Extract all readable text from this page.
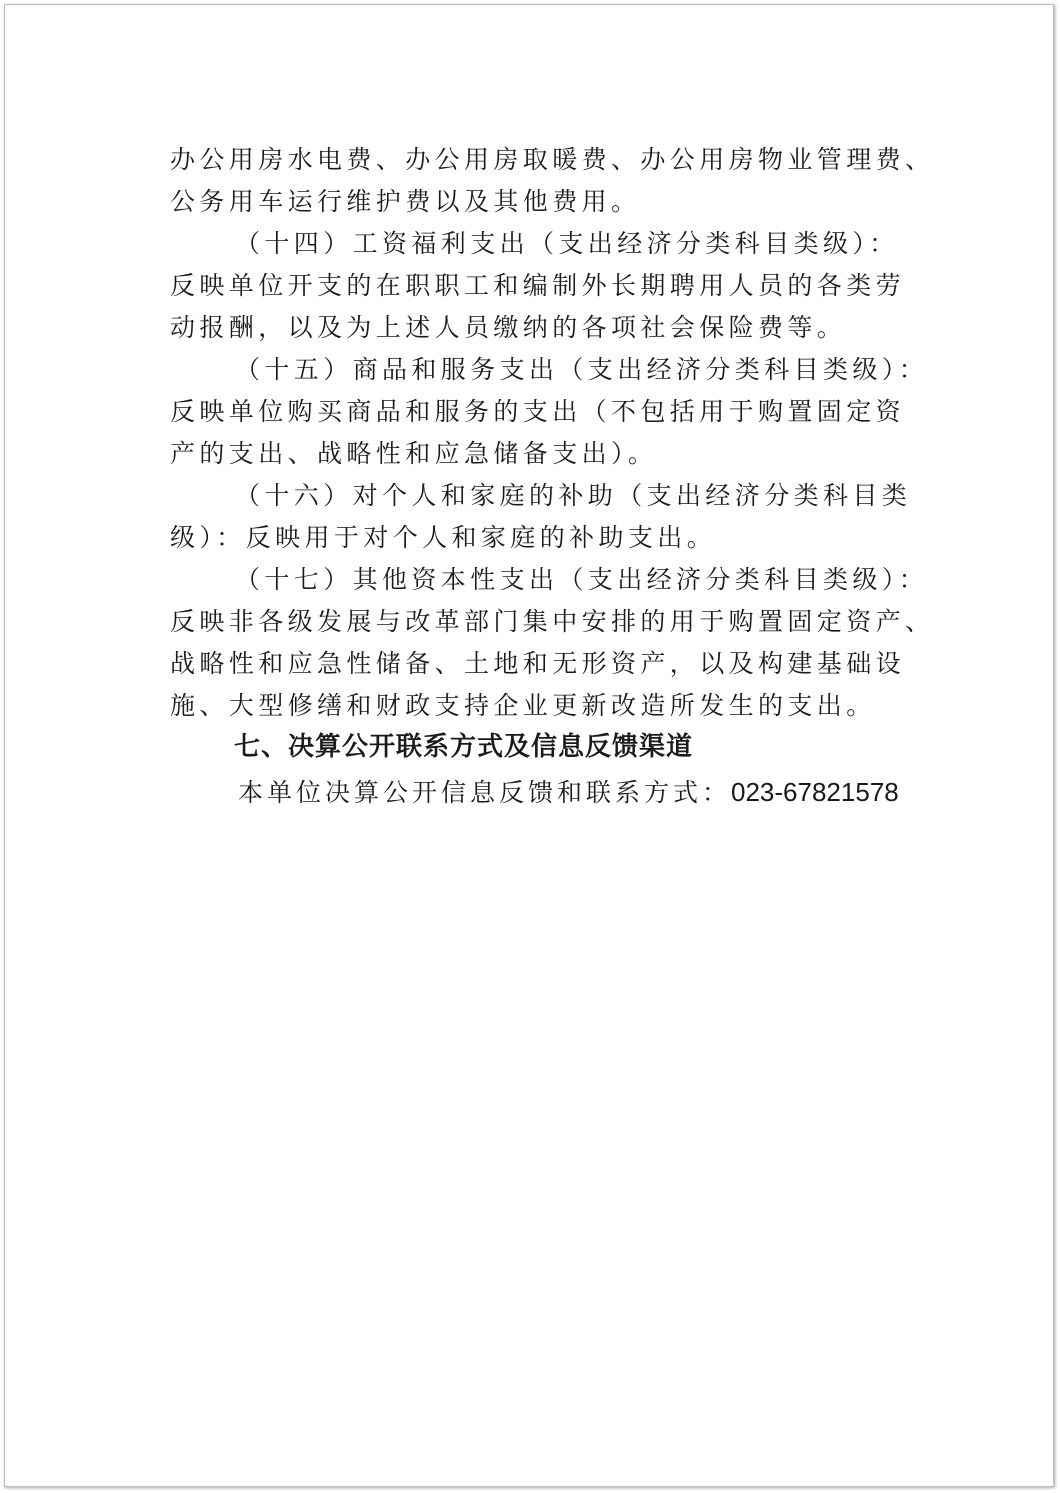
办公用房水电费、办公用房取暖费、办公用房物业管理费、
公务用车运行维护费以及其他费用。
（十四）工资福利支出（支出经济分类科目类级）：
反映单位开支的在职职工和编制外长期聘用人员的各类劳
动报酬，以及为上述人员缴纳的各项社会保险费等。
（十五）商品和服务支出（支出经济分类科目类级）：
反映单位购买商品和服务的支出（不包括用于购置固定资
产的支出、战略性和应急储备支出）。
（十六）对个人和家庭的补助（支出经济分类科目类
级）：反映用于对个人和家庭的补助支出。
（十七）其他资本性支出（支出经济分类科目类级）：
反映非各级发展与改革部门集中安排的用于购置固定资产、
战略性和应急性储备、土地和无形资产，以及构建基础设
施、大型修缮和财政支持企业更新改造所发生的支出。
七、决算公开联系方式及信息反馈渠道
本单位决算公开信息反馈和联系方式：023-67821578
